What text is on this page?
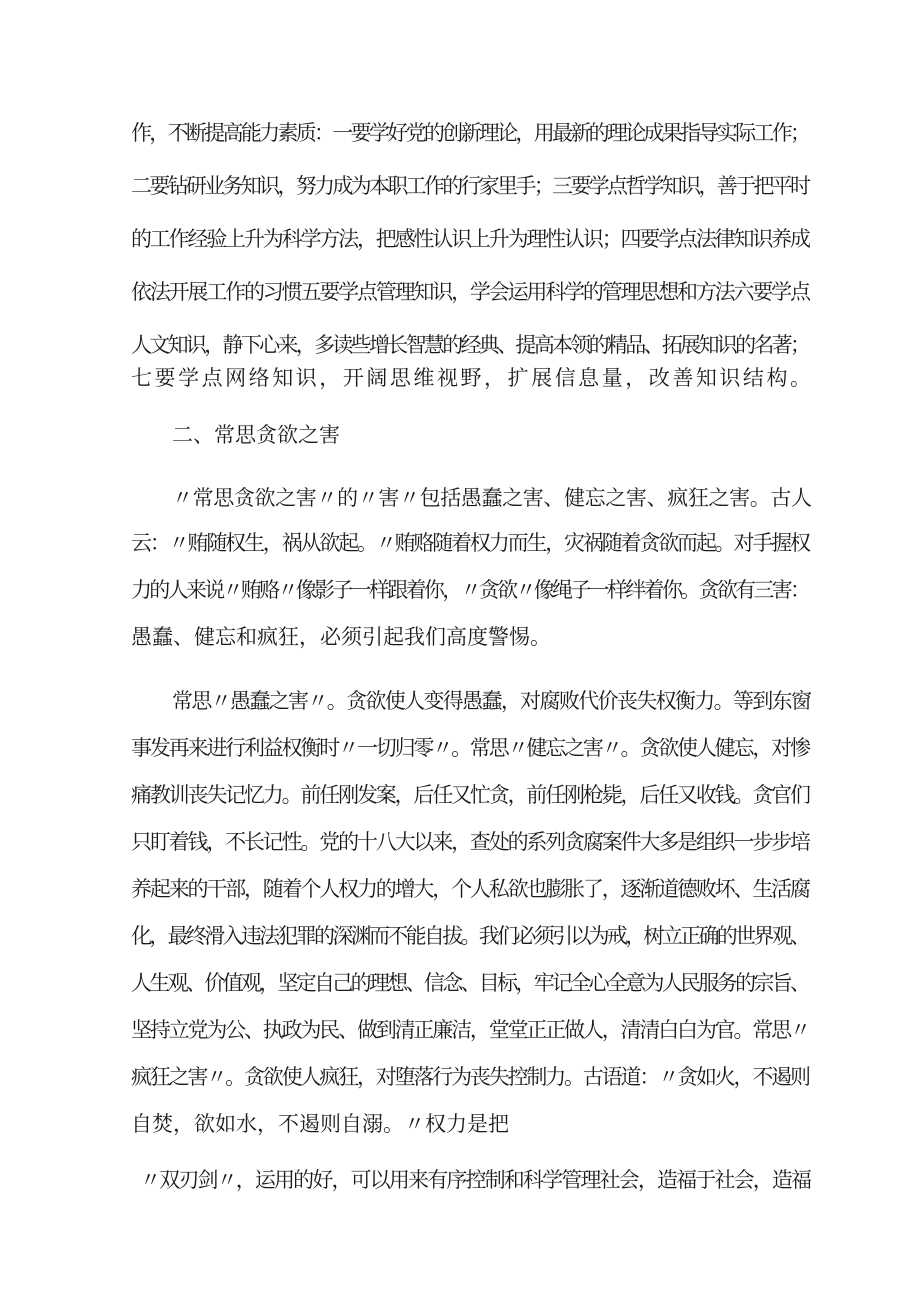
作，不断提高能力素质：一要学好党的创新理论，用最新的理论成果指导实际工作；
二要钻研业务知识，努力成为本职工作的行家里手；三要学点哲学知识，善于把平时
的工作经验上升为科学方法，把感性认识上升为理性认识；四要学点法律知识养成
依法开展工作的习惯五要学点管理知识，学会运用科学的管理思想和方法六要学点
人文知识，静下心来，多读些增长智慧的经典、提高本领的精品、拓展知识的名著；
七要学点网络知识，开阔思维视野，扩展信息量，改善知识结构。
二、常思贪欲之害
〃常思贪欲之害〃的〃害〃包括愚蠢之害、健忘之害、疯狂之害。古人
云：〃贿随权生，祸从欲起。〃贿赂随着权力而生，灾祸随着贪欲而起。对手握权
力的人来说〃贿赂〃像影子一样跟着你，〃贪欲〃像绳子一样绊着你。贪欲有三害：
愚蠢、健忘和疯狂，必须引起我们高度警惕。
常思〃愚蠢之害〃。贪欲使人变得愚蠢，对腐败代价丧失权衡力。等到东窗
事发再来进行利益权衡时〃一切归零〃。常思〃健忘之害〃。贪欲使人健忘，对惨
痛教训丧失记忆力。前任刚发案，后任又忙贪，前任刚枪毙，后任又收钱。贪官们
只盯着钱，不长记性。党的十八大以来，查处的系列贪腐案件大多是组织一步步培
养起来的干部，随着个人权力的增大，个人私欲也膨胀了，逐渐道德败坏、生活腐
化，最终滑入违法犯罪的深渊而不能自拔。我们必须引以为戒，树立正确的世界观、
人生观、价值观，坚定自己的理想、信念、目标，牢记全心全意为人民服务的宗旨、
坚持立党为公、执政为民、做到清正廉洁，堂堂正正做人，清清白白为官。常思〃
疯狂之害〃。贪欲使人疯狂，对堕落行为丧失控制力。古语道：〃贪如火，不遏则
自焚，欲如水，不遏则自溺。〃权力是把
〃双刃剑〃，运用的好，可以用来有序控制和科学管理社会，造福于社会，造福
